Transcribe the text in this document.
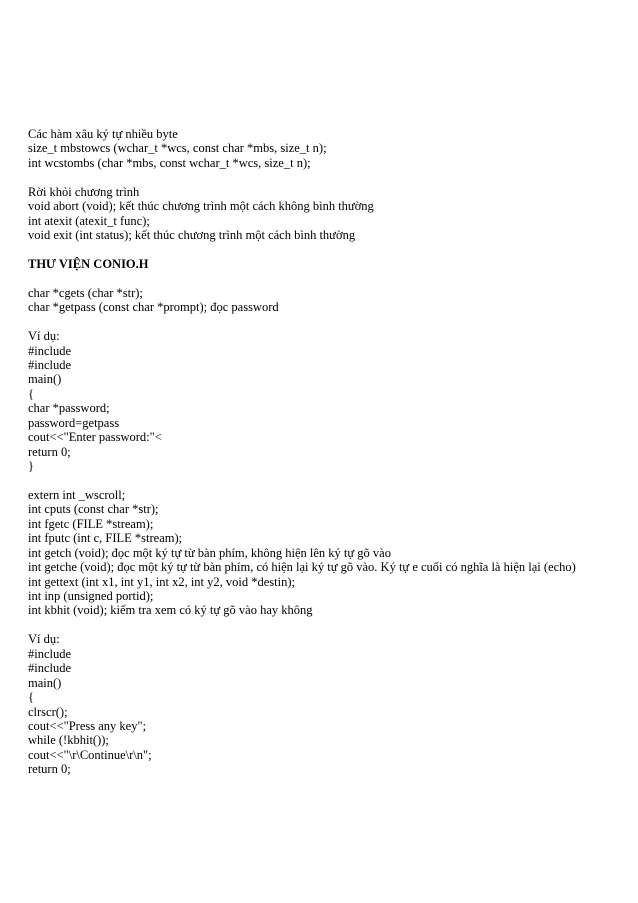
Các hàm xâu ký tự nhiều byte
size_t mbstowcs (wchar_t *wcs, const char *mbs, size_t n);
int wcstombs (char *mbs, const wchar_t *wcs, size_t n);
Rời khỏi chương trình
void abort (void); kết thúc chương trình một cách không bình thường
int atexit (atexit_t func);
void exit (int status); kết thúc chương trình một cách bình thường
THƯ VIỆN CONIO.H
char *cgets (char *str);
char *getpass (const char *prompt); đọc password
Ví dụ:
#include
#include
main()
{
char *password;
password=getpass
cout<<"Enter password:"<
return 0;
}
extern int _wscroll;
int cputs (const char *str);
int fgetc (FILE *stream);
int fputc (int c, FILE *stream);
int getch (void); đọc một ký tự từ bàn phím, không hiện lên ký tự gõ vào
int getche (void); đọc một ký tự từ bàn phím, có hiện lại ký tự gõ vào. Ký tự e cuối có nghĩa là hiện lại (echo)
int gettext (int x1, int y1, int x2, int y2, void *destin);
int inp (unsigned portid);
int kbhit (void); kiểm tra xem có ký tự gõ vào hay không
Ví dụ:
#include
#include
main()
{
clrscr();
cout<<"Press any key";
while (!kbhit());
cout<<"\r\Continue\r\n";
return 0;
